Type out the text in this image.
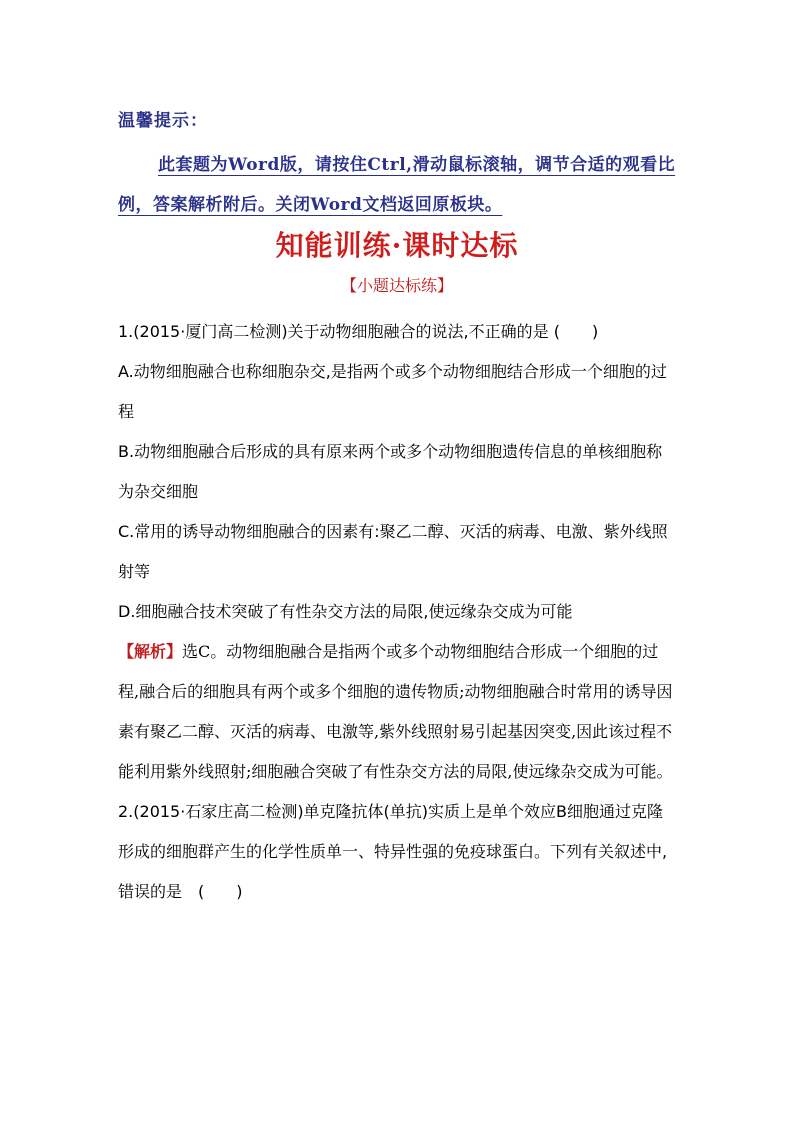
温馨提示：
此套题为Word版，请按住Ctrl,滑动鼠标滚轴，调节合适的观看比例，答案解析附后。关闭Word文档返回原板块。
知能训练·课时达标
【小题达标练】

1.(2015·厦门高二检测)关于动物细胞融合的说法,不正确的是 (　　)

A.动物细胞融合也称细胞杂交,是指两个或多个动物细胞结合形成一个细胞的过程

B.动物细胞融合后形成的具有原来两个或多个动物细胞遗传信息的单核细胞称为杂交细胞

C.常用的诱导动物细胞融合的因素有:聚乙二醇、灭活的病毒、电激、紫外线照射等

D.细胞融合技术突破了有性杂交方法的局限,使远缘杂交成为可能

【解析】选C。动物细胞融合是指两个或多个动物细胞结合形成一个细胞的过程,融合后的细胞具有两个或多个细胞的遗传物质;动物细胞融合时常用的诱导因素有聚乙二醇、灭活的病毒、电激等,紫外线照射易引起基因突变,因此该过程不能利用紫外线照射;细胞融合突破了有性杂交方法的局限,使远缘杂交成为可能。

2.(2015·石家庄高二检测)单克隆抗体(单抗)实质上是单个效应B细胞通过克隆形成的细胞群产生的化学性质单一、特异性强的免疫球蛋白。下列有关叙述中,错误的是　(　　)
